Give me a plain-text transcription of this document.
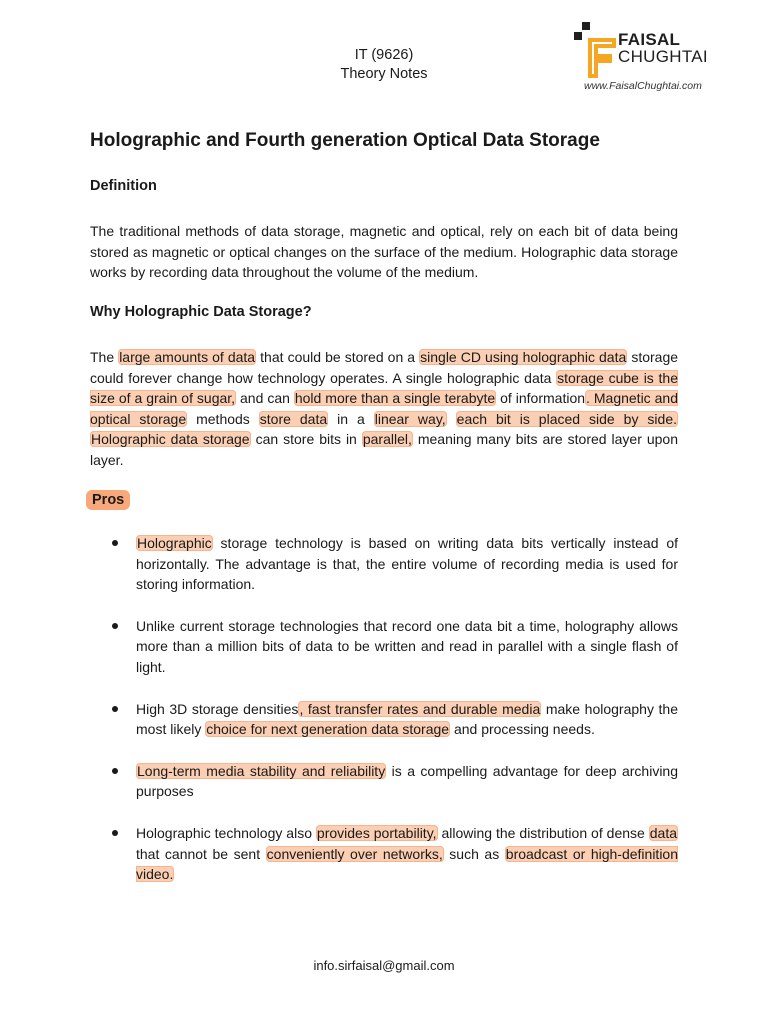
IT (9626)
Theory Notes
FAISAL
CHUGHTAI
www.FaisalChughtai.com
Holographic and Fourth generation Optical Data Storage
Definition

The traditional methods of data storage, magnetic and optical, rely on each bit of data being stored as magnetic or optical changes on the surface of the medium. Holographic data storage works by recording data throughout the volume of the medium.

Why Holographic Data Storage?

The large amounts of data that could be stored on a single CD using holographic data storage could forever change how technology operates. A single holographic data storage cube is the size of a grain of sugar, and can hold more than a single terabyte of information. Magnetic and optical storage methods store data in a linear way, each bit is placed side by side. Holographic data storage can store bits in parallel, meaning many bits are stored layer upon layer.

Pros
Holographic storage technology is based on writing data bits vertically instead of horizontally. The advantage is that, the entire volume of recording media is used for storing information.
Unlike current storage technologies that record one data bit a time, holography allows more than a million bits of data to be written and read in parallel with a single flash of light.
High 3D storage densities, fast transfer rates and durable media make holography the most likely choice for next generation data storage and processing needs.
Long-term media stability and reliability is a compelling advantage for deep archiving purposes
Holographic technology also provides portability, allowing the distribution of dense data that cannot be sent conveniently over networks, such as broadcast or high-definition video.
info.sirfaisal@gmail.com
